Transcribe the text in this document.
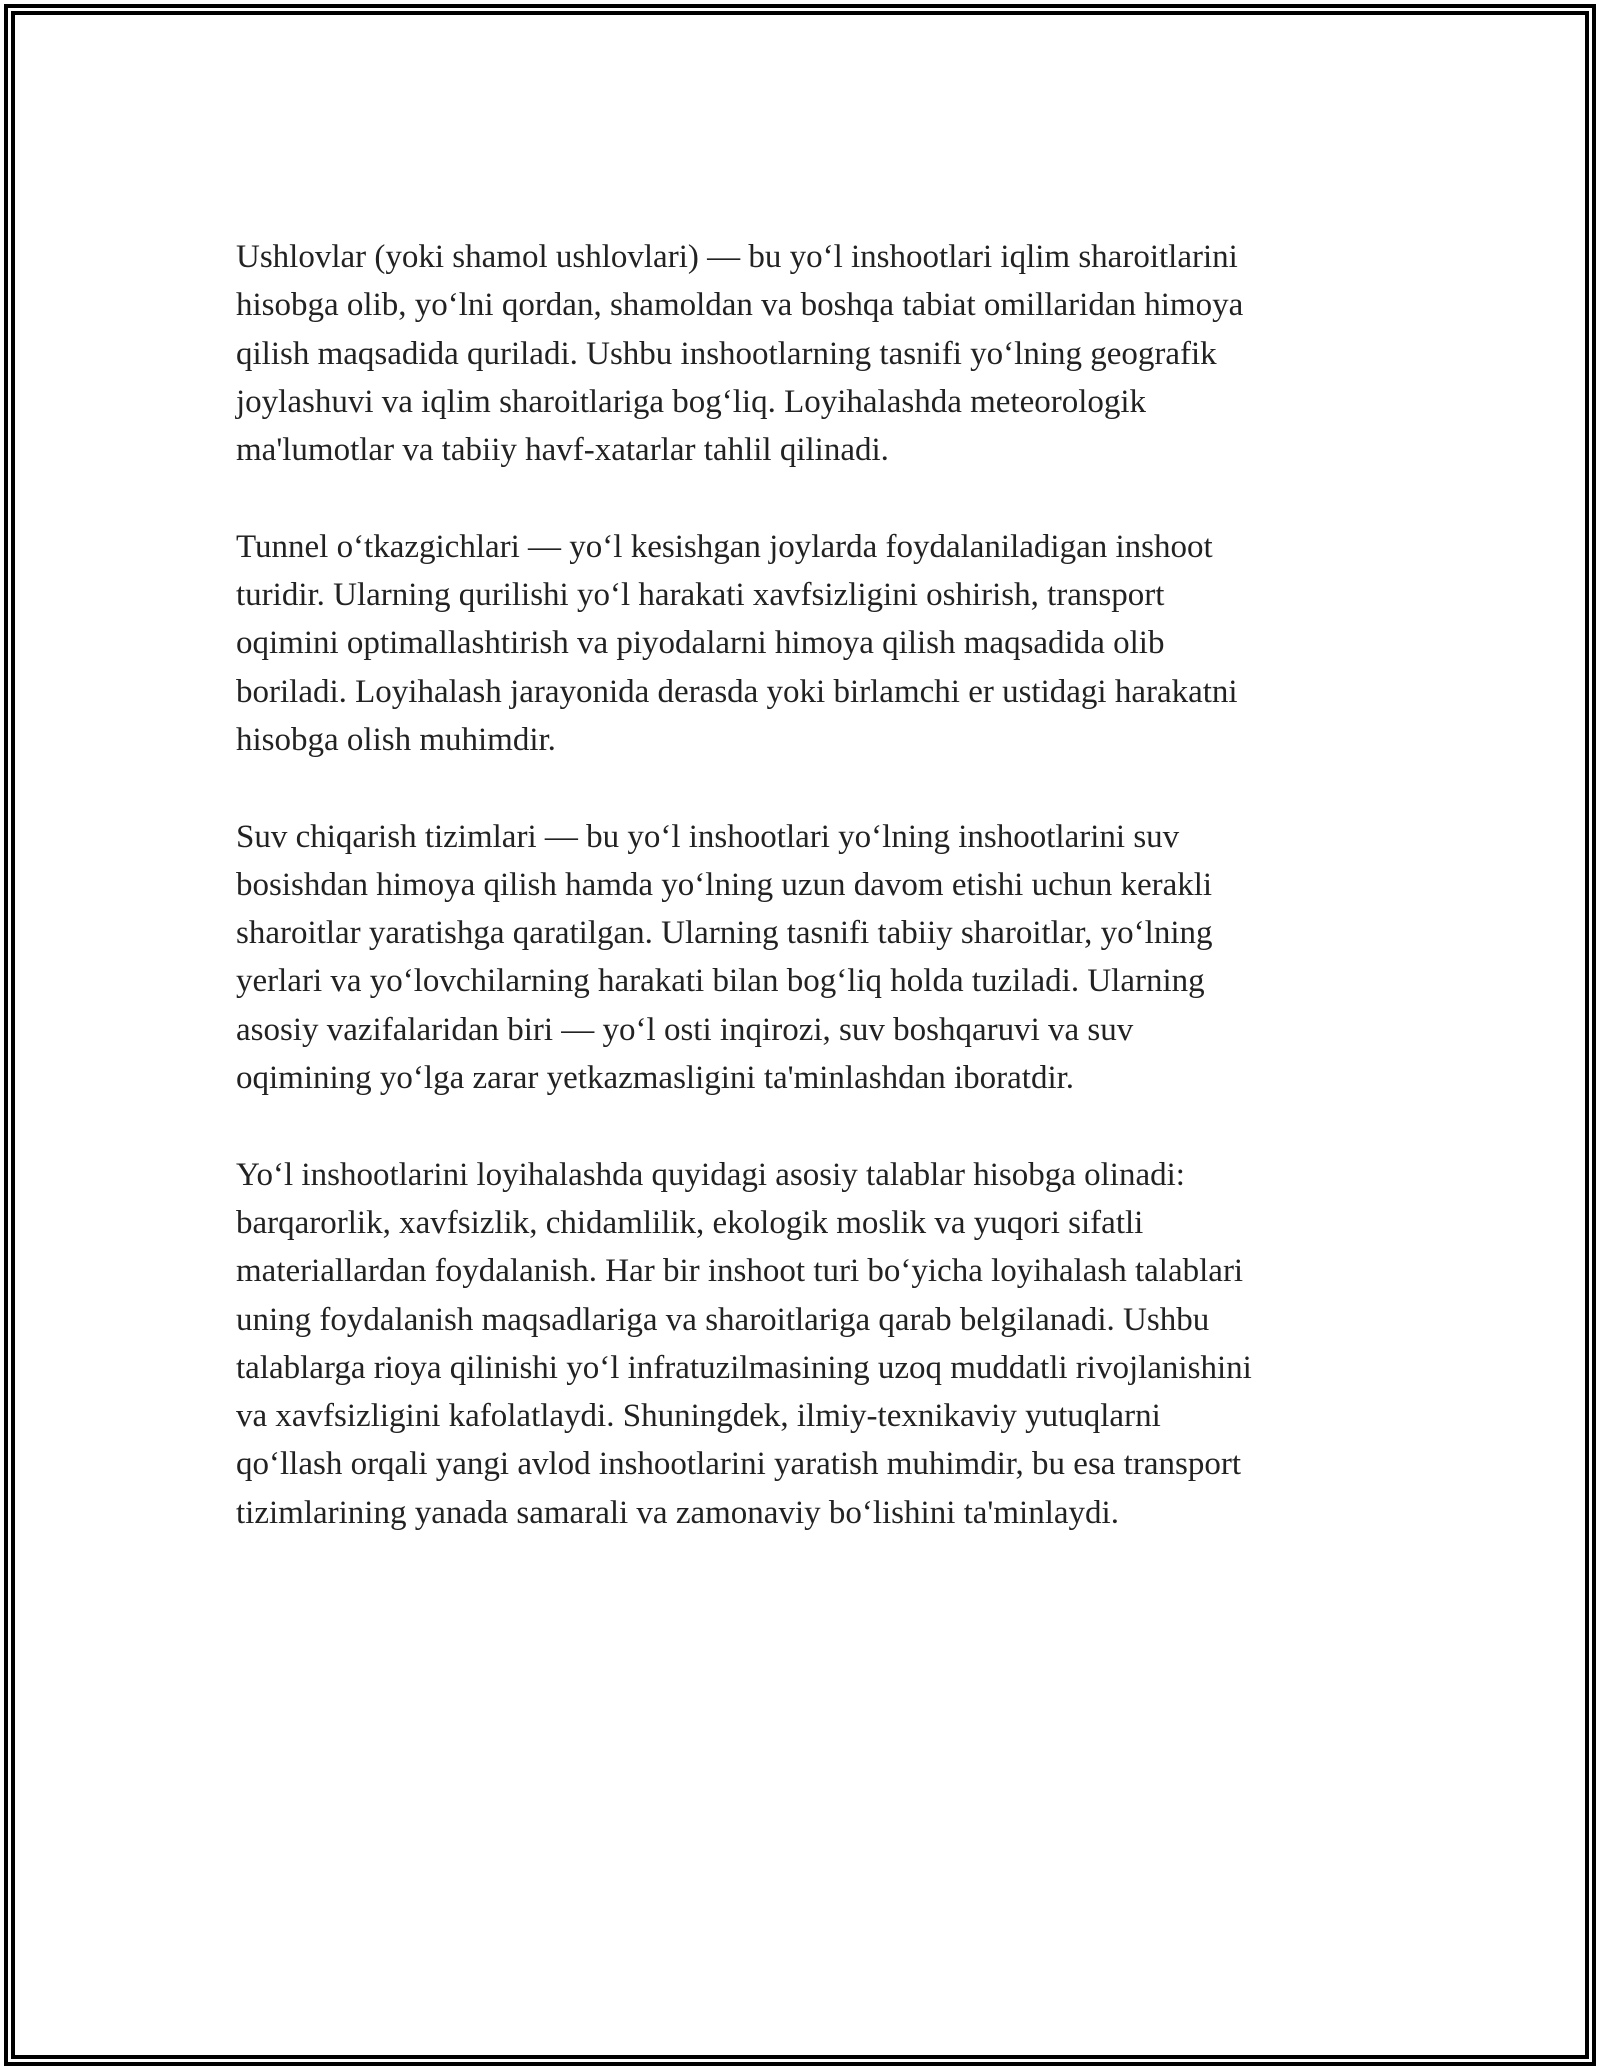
Ushlovlar (yoki shamol ushlovlari) — bu yo‘l inshootlari iqlim sharoitlarini
hisobga olib, yo‘lni qordan, shamoldan va boshqa tabiat omillaridan himoya
qilish maqsadida quriladi. Ushbu inshootlarning tasnifi yo‘lning geografik
joylashuvi va iqlim sharoitlariga bog‘liq. Loyihalashda meteorologik
ma'lumotlar va tabiiy havf-xatarlar tahlil qilinadi.

Tunnel o‘tkazgichlari — yo‘l kesishgan joylarda foydalaniladigan inshoot
turidir. Ularning qurilishi yo‘l harakati xavfsizligini oshirish, transport
oqimini optimallashtirish va piyodalarni himoya qilish maqsadida olib
boriladi. Loyihalash jarayonida derasda yoki birlamchi er ustidagi harakatni
hisobga olish muhimdir.

Suv chiqarish tizimlari — bu yo‘l inshootlari yo‘lning inshootlarini suv
bosishdan himoya qilish hamda yo‘lning uzun davom etishi uchun kerakli
sharoitlar yaratishga qaratilgan. Ularning tasnifi tabiiy sharoitlar, yo‘lning
yerlari va yo‘lovchilarning harakati bilan bog‘liq holda tuziladi. Ularning
asosiy vazifalaridan biri — yo‘l osti inqirozi, suv boshqaruvi va suv
oqimining yo‘lga zarar yetkazmasligini ta'minlashdan iboratdir.

Yo‘l inshootlarini loyihalashda quyidagi asosiy talablar hisobga olinadi:
barqarorlik, xavfsizlik, chidamlilik, ekologik moslik va yuqori sifatli
materiallardan foydalanish. Har bir inshoot turi bo‘yicha loyihalash talablari
uning foydalanish maqsadlariga va sharoitlariga qarab belgilanadi. Ushbu
talablarga rioya qilinishi yo‘l infratuzilmasining uzoq muddatli rivojlanishini
va xavfsizligini kafolatlaydi. Shuningdek, ilmiy-texnikaviy yutuqlarni
qo‘llash orqali yangi avlod inshootlarini yaratish muhimdir, bu esa transport
tizimlarining yanada samarali va zamonaviy bo‘lishini ta'minlaydi.
